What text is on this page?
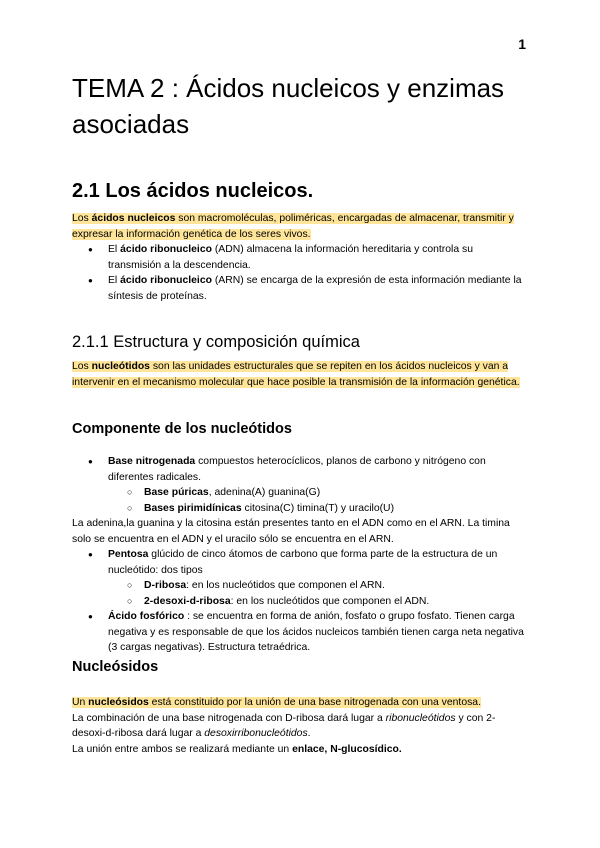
1
TEMA 2 : Ácidos nucleicos y enzimas asociadas
2.1 Los ácidos nucleicos.

Los ácidos nucleicos son macromoléculas, poliméricas, encargadas de almacenar, transmitir y expresar la información genética de los seres vivos.

● El ácido ribonucleico (ADN) almacena la información hereditaria y controla su transmisión a la descendencia.
● El ácido ribonucleico (ARN) se encarga de la expresión de esta información mediante la síntesis de proteínas.
2.1.1 Estructura y composición química

Los nucleótidos son las unidades estructurales que se repiten en los ácidos nucleicos y van a intervenir en el mecanismo molecular que hace posible la transmisión de la información genética.

Componente de los nucleótidos
● Base nitrogenada compuestos heterocíclicos, planos de carbono y nitrógeno con diferentes radicales.
○ Base púricas, adenina(A) guanina(G)
○ Bases pirimidínicas citosina(C) timina(T) y uracilo(U)

La adenina,la guanina y la citosina están presentes tanto en el ADN como en el ARN. La timina solo se encuentra en el ADN y el uracilo sólo se encuentra en el ARN.

● Pentosa glúcido de cinco átomos de carbono que forma parte de la estructura de un nucleótido: dos tipos
○ D-ribosa: en los nucleótidos que componen el ARN.
○ 2-desoxi-d-ribosa: en los nucleótidos que componen el ADN.
● Ácido fosfórico : se encuentra en forma de anión, fosfato o grupo fosfato. Tienen carga negativa y es responsable de que los ácidos nucleicos también tienen carga neta negativa (3 cargas negativas). Estructura tetraédrica.
Nucleósidos

Un nucleósidos está constituido por la unión de una base nitrogenada con una ventosa.

La combinación de una base nitrogenada con D-ribosa dará lugar a ribonucleótidos y con 2-desoxi-d-ribosa dará lugar a desoxirribonucleótidos.

La unión entre ambos se realizará mediante un enlace, N-glucosídico.
